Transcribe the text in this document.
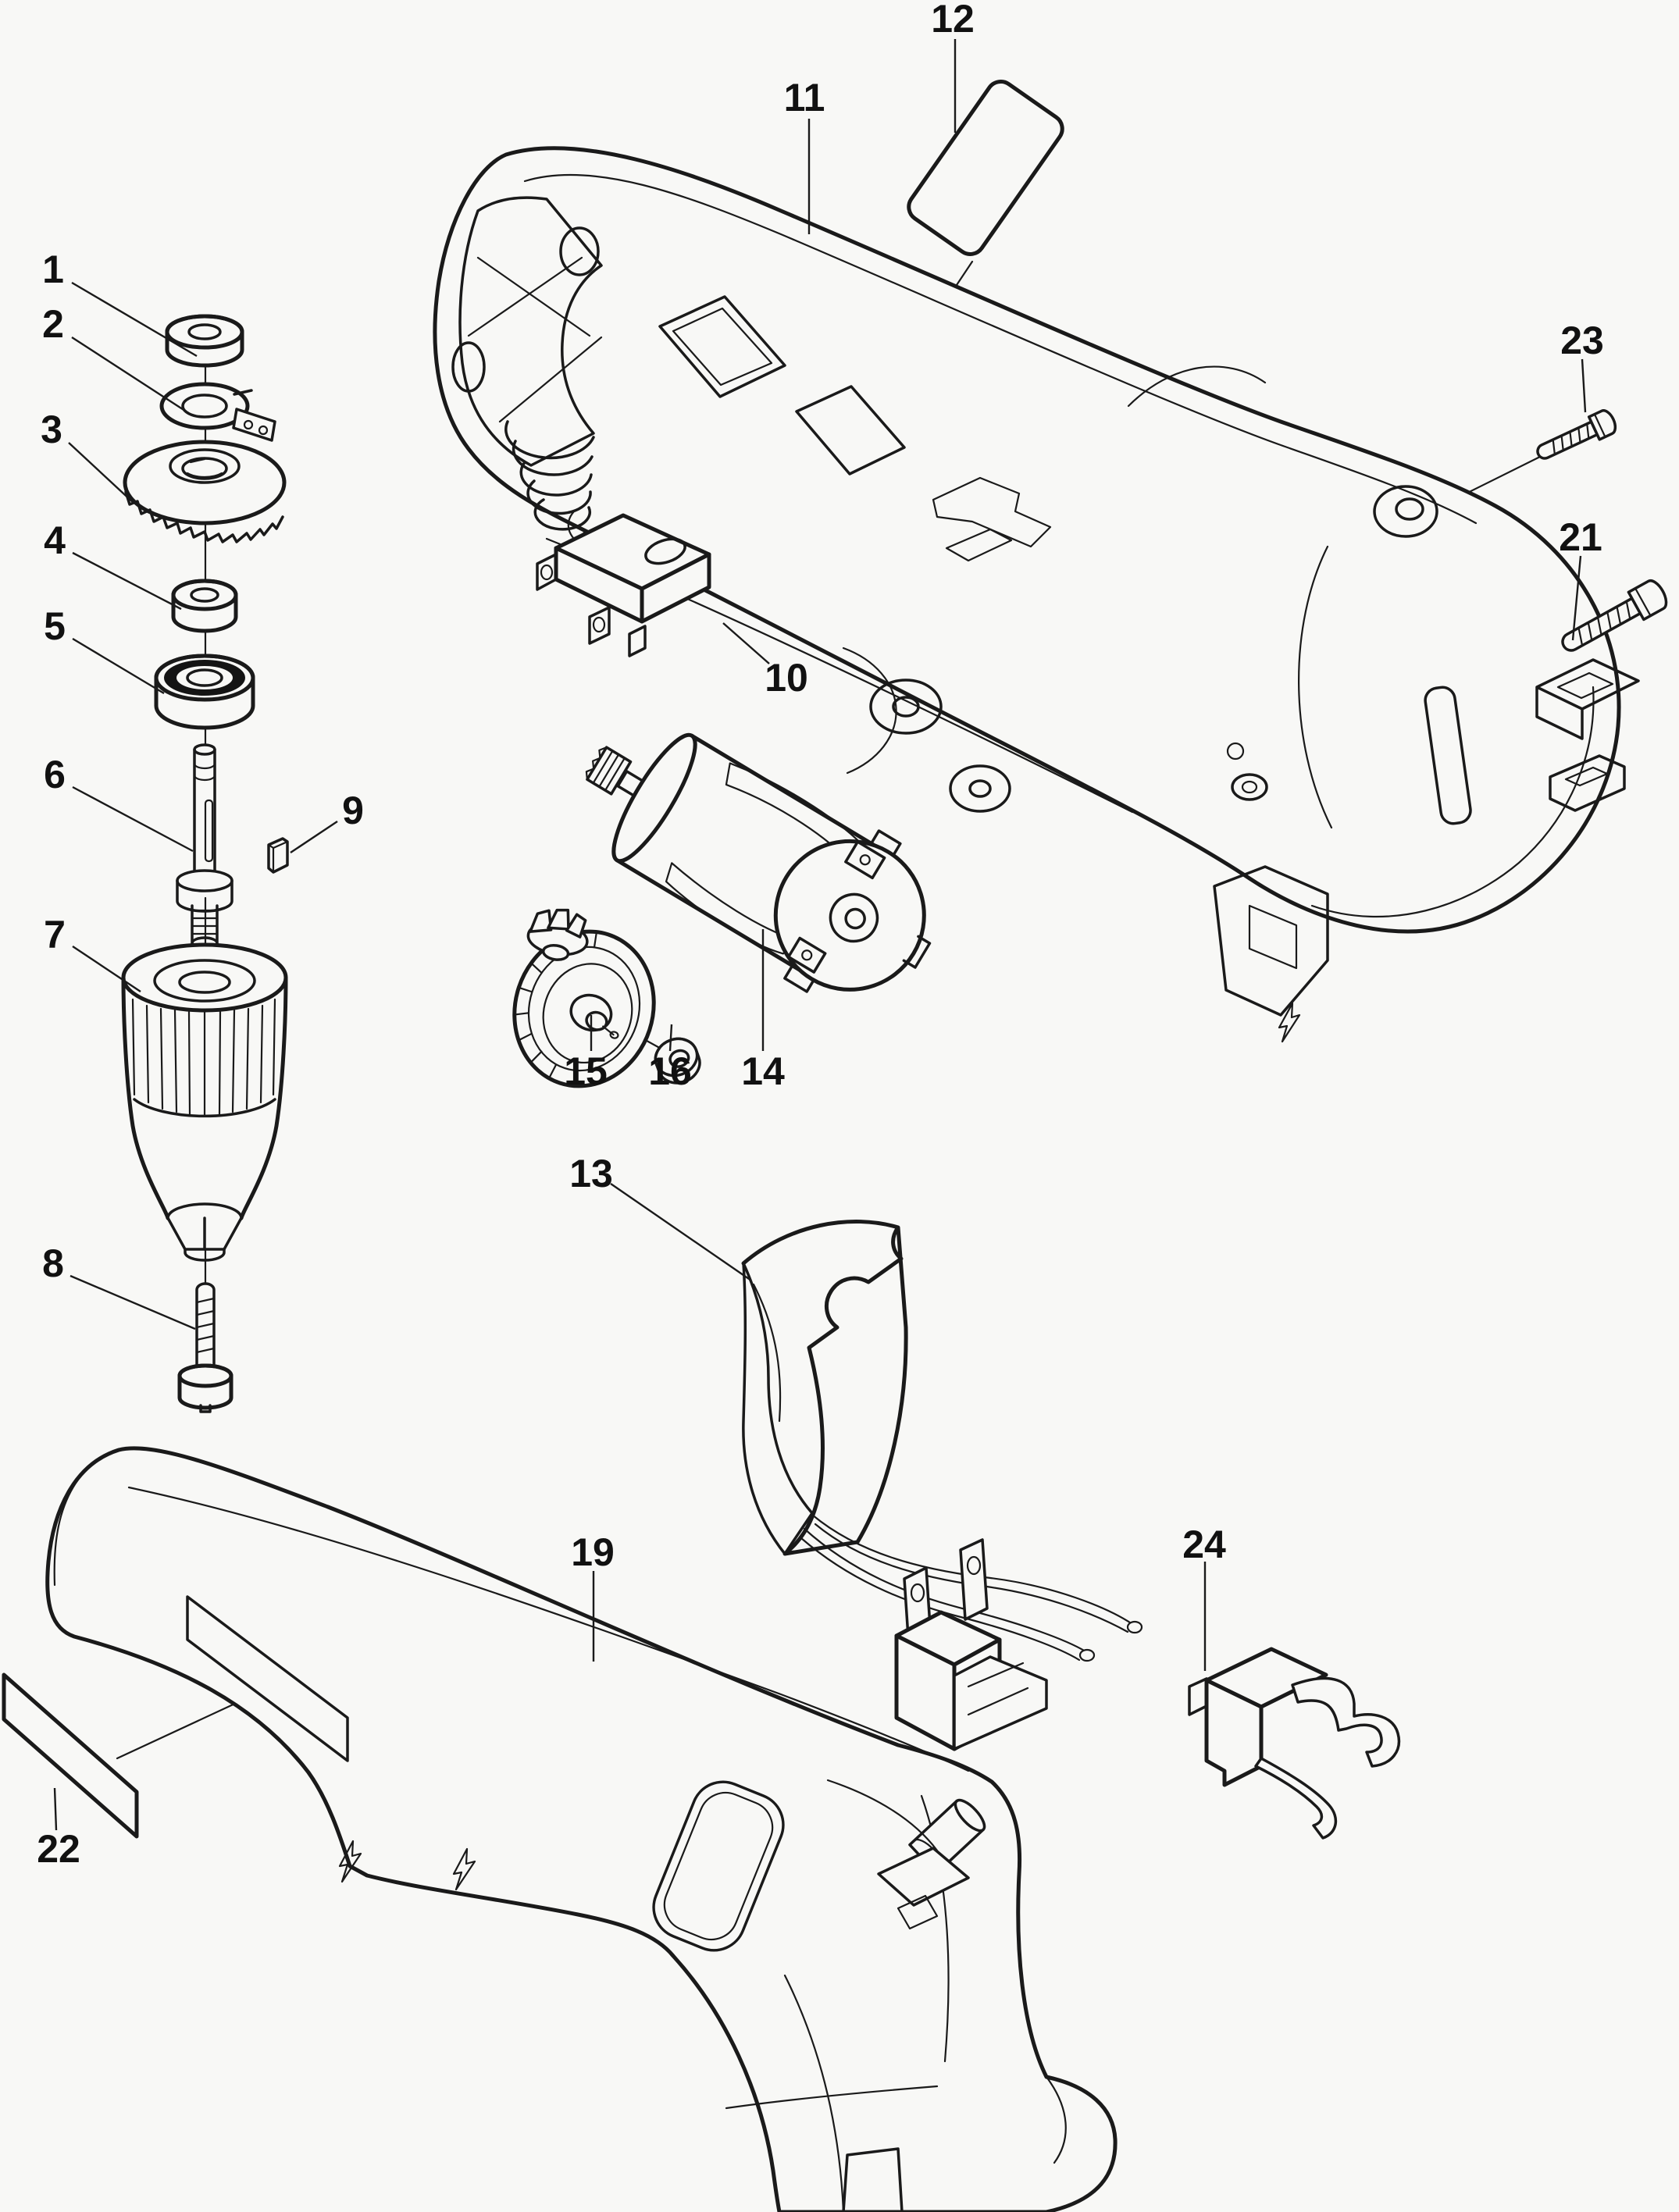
1
2
3
4
5
6
7
8
9
10
11
12
13
14
15 16
19
21
22
23
24
